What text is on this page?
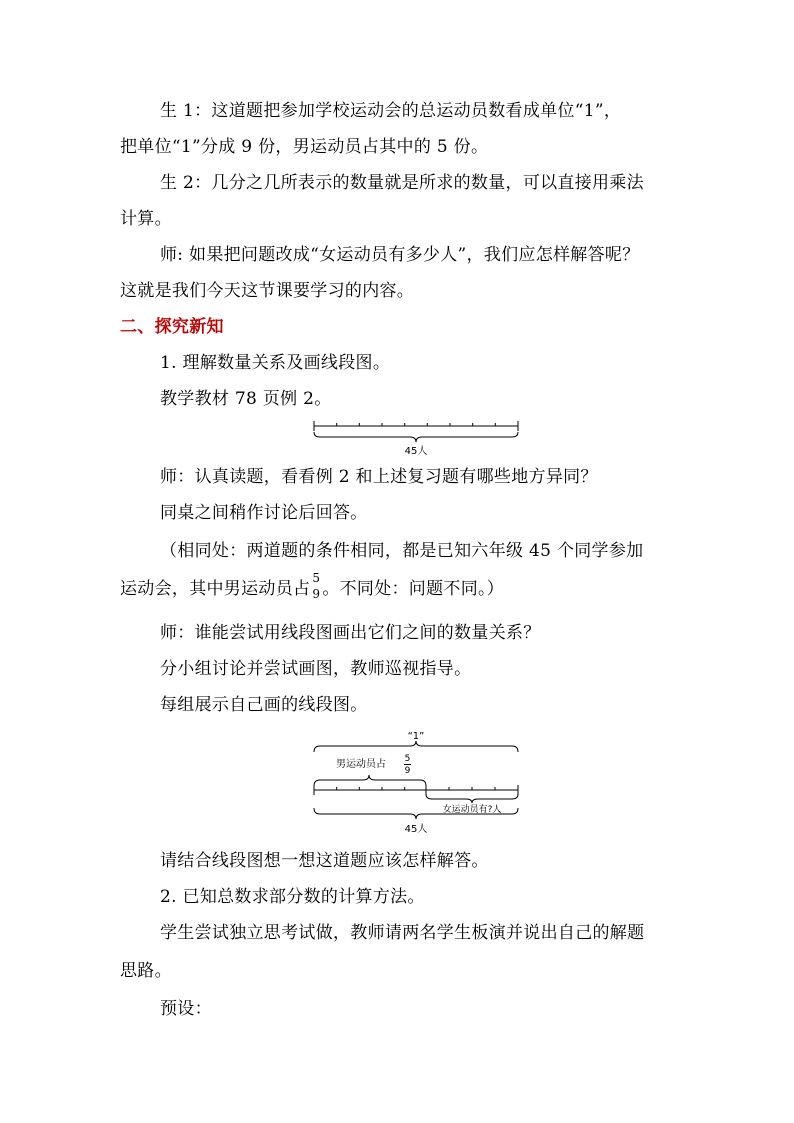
生 1：这道题把参加学校运动会的总运动员数看成单位“1”，
把单位“1”分成 9 份，男运动员占其中的 5 份。
生 2：几分之几所表示的数量就是所求的数量，可以直接用乘法
计算。
师: 如果把问题改成“女运动员有多少人”，我们应怎样解答呢？
这就是我们今天这节课要学习的内容。
二、探究新知
1. 理解数量关系及画线段图。
教学教材 78 页例 2。
45人
师：认真读题，看看例 2 和上述复习题有哪些地方异同？
同桌之间稍作讨论后回答。
（相同处：两道题的条件相同，都是已知六年级 45 个同学参加
运动会，其中男运动员占
5
9 。不同处：问题不同。）
师：谁能尝试用线段图画出它们之间的数量关系？
分小组讨论并尝试画图，教师巡视指导。
每组展示自己画的线段图。
“1”
男运动员占 5
9
女运动员有?人
45人
请结合线段图想一想这道题应该怎样解答。
2. 已知总数求部分数的计算方法。
学生尝试独立思考试做，教师请两名学生板演并说出自己的解题
思路。
预设：
